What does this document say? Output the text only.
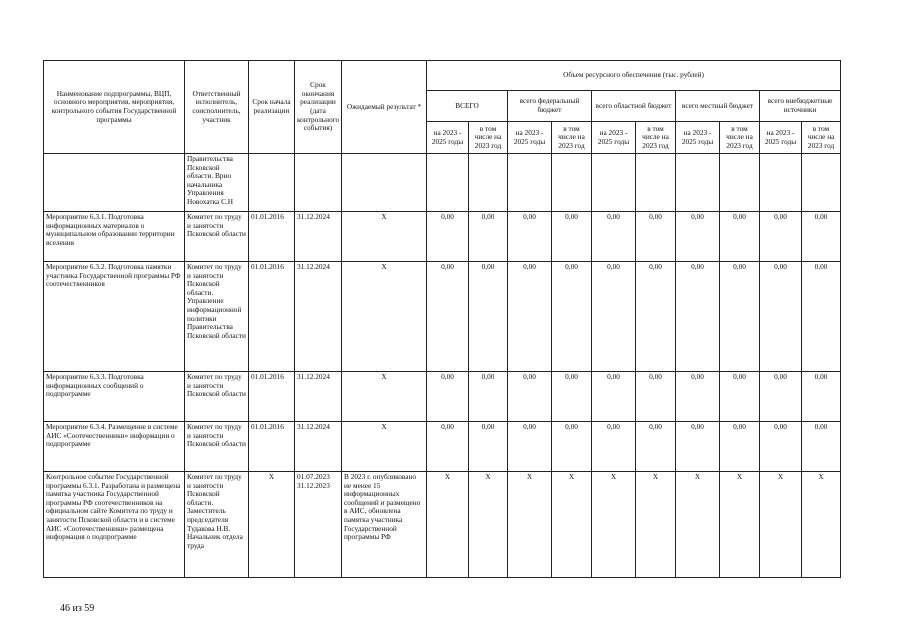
Наименование подпрограммы, ВЦП, основного мероприятия, мероприятия, контрольного события Государственной программы	Ответственный исполнитель, соисполнитель, участник	Срок начала реализации	Срок окончания реализации (дата контрольного события)	Ожидаемый результат *	Объем ресурсного обеспечения (тыс. рублей)									
					ВСЕГО		всего федеральный бюджет		всего областной бюджет		всего местный бюджет		всего внебюджетные источники	
					на 2023 - 2025 годы	в том числе на 2023 год	на 2023 - 2025 годы	в том числе на 2023 год	на 2023 - 2025 годы	в том числе на 2023 год	на 2023 - 2025 годы	в том числе на 2023 год	на 2023 - 2025 годы	в том числе на 2023 год
	Правительства Псковской области. Врио начальника Управления Новохатка С.Н													
Мероприятие 6.3.1. Подготовка информационных материалов о муниципальном образовании территории вселения	Комитет по труду и занятости Псковской области	01.01.2016	31.12.2024	X	0,00	0,00	0,00	0,00	0,00	0,00	0,00	0,00	0,00	0,00
Мероприятие 6.3.2. Подготовка памятки участника Государственной программы РФ соотечественников	Комитет по труду и занятости Псковской области. Управление информационной политики Правительства Псковской области	01.01.2016	31.12.2024	X	0,00	0,00	0,00	0,00	0,00	0,00	0,00	0,00	0,00	0,00
Мероприятие 6.3.3. Подготовка информационных сообщений о подпрограмме	Комитет по труду и занятости Псковской области	01.01.2016	31.12.2024	X	0,00	0,00	0,00	0,00	0,00	0,00	0,00	0,00	0,00	0,00
Мероприятие 6.3.4. Размещение в системе АИС «Соотечественники» информации о подпрограмме	Комитет по труду и занятости Псковской области	01.01.2016	31.12.2024	X	0,00	0,00	0,00	0,00	0,00	0,00	0,00	0,00	0,00	0,00
Контрольное событие Государственной программы 6.3.1. Разработана и размещена памятка участника Государственной программы РФ соотечественников на официальном сайте Комитета по труду и занятости Псковской области и в системе АИС «Соотечественники» размещена информация о подпрограмме	Комитет по труду и занятости Псковской области. Заместитель председателя Тудакова Н.В. Начальник отдела труда	X	01.07.2023 31.12.2023	В 2023 г. опубликовано не менее 15 информационных сообщений и размещено в АИС, обновлена памятка участника Государственной программы РФ	X	X	X	X	X	X	X	X	X	X
46 из 59
